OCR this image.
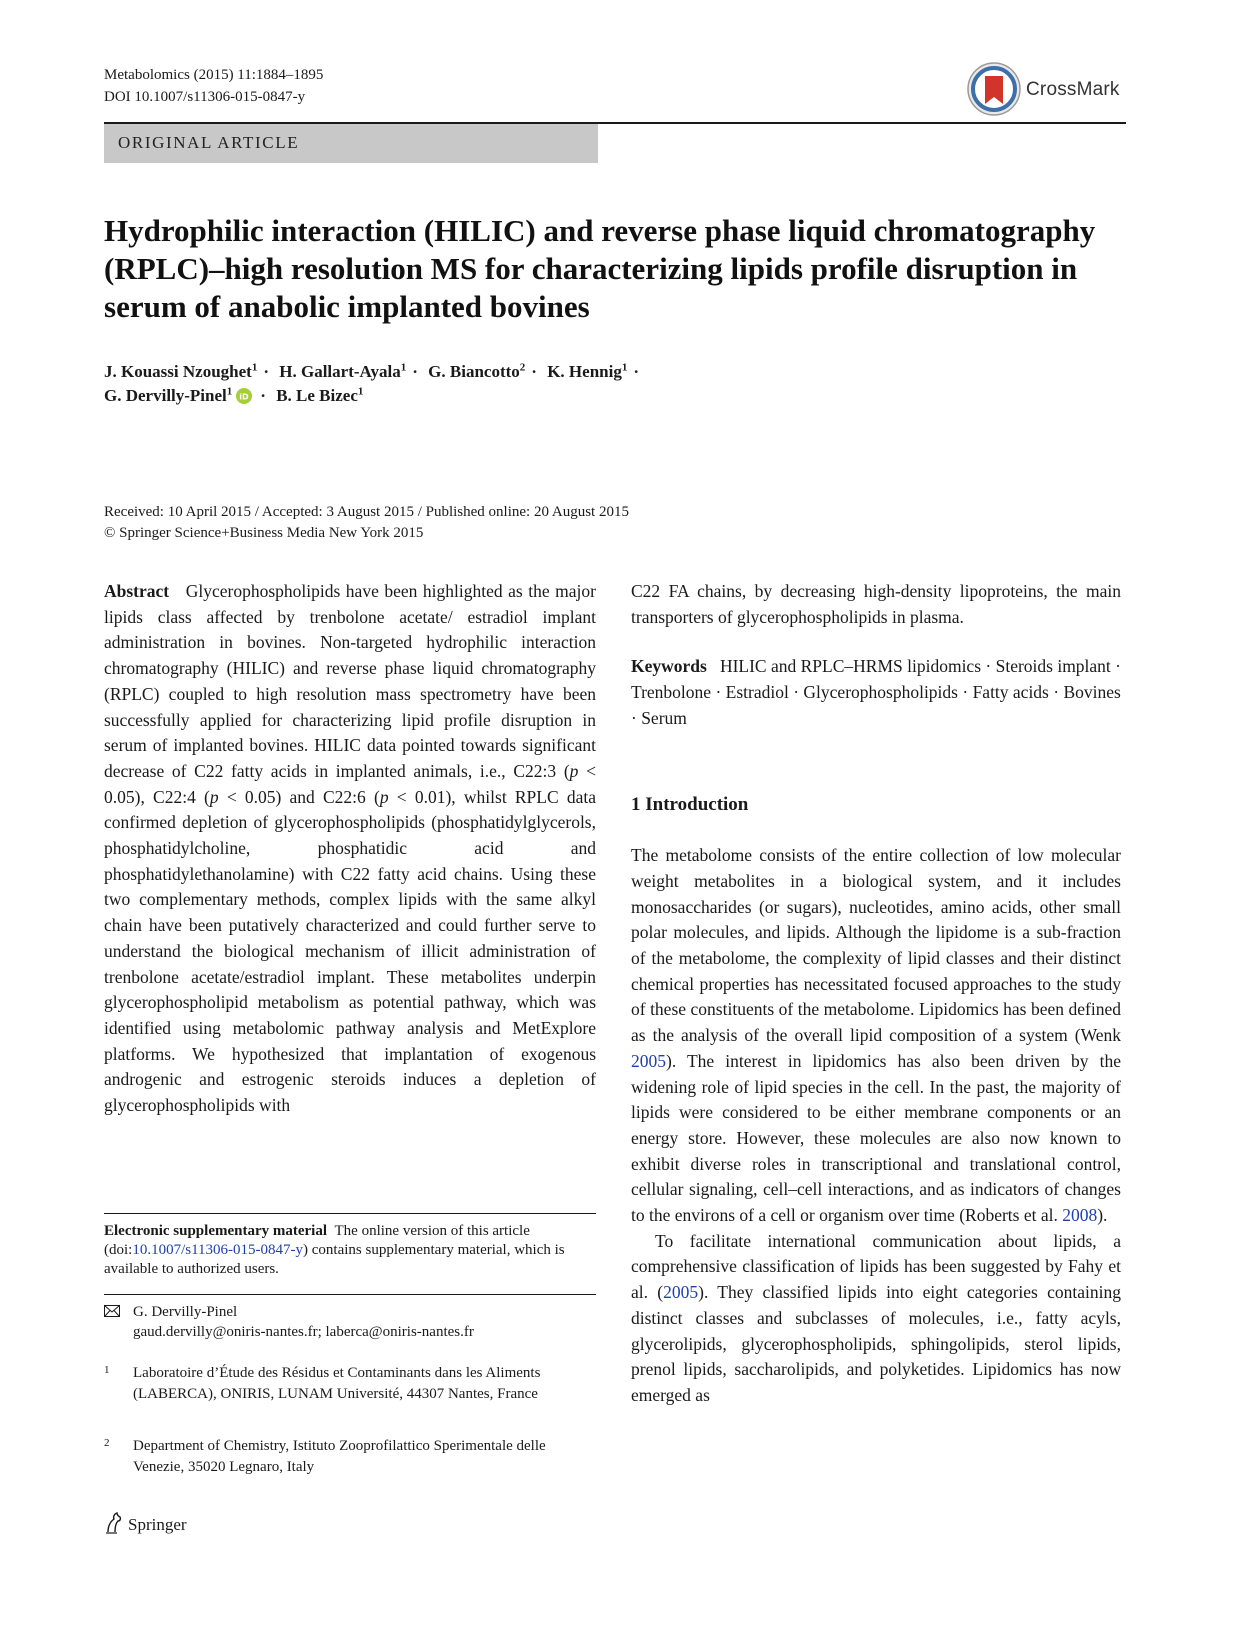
Metabolomics (2015) 11:1884–1895
DOI 10.1007/s11306-015-0847-y	CrossMark
ORIGINAL ARTICLE
Hydrophilic interaction (HILIC) and reverse phase liquid chromatography (RPLC)–high resolution MS for characterizing lipids profile disruption in serum of anabolic implanted bovines
J. Kouassi Nzoughet$^1$ · H. Gallart-Ayala$^1$ · G. Biancotto$^2$ · K. Hennig$^1$ ·
G. Dervilly-Pinel$^1$ iD · B. Le Bizec$^1$
Received: 10 April 2015 / Accepted: 3 August 2015 / Published online: 20 August 2015
© Springer Science+Business Media New York 2015
Abstract Glycerophospholipids have been highlighted as the major lipids class affected by trenbolone acetate/ estradiol implant administration in bovines. Non-targeted hydrophilic interaction chromatography (HILIC) and reverse phase liquid chromatography (RPLC) coupled to high resolution mass spectrometry have been successfully applied for characterizing lipid profile disruption in serum of implanted bovines. HILIC data pointed towards significant decrease of C22 fatty acids in implanted animals, i.e., C22:3 (p < 0.05), C22:4 (p < 0.05) and C22:6 (p < 0.01), whilst RPLC data confirmed depletion of glycerophospholipids (phosphatidylglycerols, phosphatidylcholine, phosphatidic acid and phosphatidylethanolamine) with C22 fatty acid chains. Using these two complementary methods, complex lipids with the same alkyl chain have been putatively characterized and could further serve to understand the biological mechanism of illicit administration of trenbolone acetate/estradiol implant. These metabolites underpin glycerophospholipid metabolism as potential pathway, which was identified using metabolomic pathway analysis and MetExplore platforms. We hypothesized that implantation of exogenous androgenic and estrogenic steroids induces a depletion of glycerophospholipids with
Electronic supplementary material The online version of this article (doi:10.1007/s11306-015-0847-y) contains supplementary material, which is available to authorized users.
G. Dervilly-Pinel
gaud.dervilly@oniris-nantes.fr; laberca@oniris-nantes.fr
1 Laboratoire d’Étude des Résidus et Contaminants dans les Aliments (LABERCA), ONIRIS, LUNAM Université, 44307 Nantes, France
2 Department of Chemistry, Istituto Zooprofilattico Sperimentale delle Venezie, 35020 Legnaro, Italy
C22 FA chains, by decreasing high-density lipoproteins, the main transporters of glycerophospholipids in plasma.
Keywords HILIC and RPLC–HRMS lipidomics · Steroids implant · Trenbolone · Estradiol · Glycerophospholipids · Fatty acids · Bovines · Serum
1 Introduction
The metabolome consists of the entire collection of low molecular weight metabolites in a biological system, and it includes monosaccharides (or sugars), nucleotides, amino acids, other small polar molecules, and lipids. Although the lipidome is a sub-fraction of the metabolome, the complexity of lipid classes and their distinct chemical properties has necessitated focused approaches to the study of these constituents of the metabolome. Lipidomics has been defined as the analysis of the overall lipid composition of a system (Wenk 2005). The interest in lipidomics has also been driven by the widening role of lipid species in the cell. In the past, the majority of lipids were considered to be either membrane components or an energy store. However, these molecules are also now known to exhibit diverse roles in transcriptional and translational control, cellular signaling, cell–cell interactions, and as indicators of changes to the environs of a cell or organism over time (Roberts et al. 2008).
To facilitate international communication about lipids, a comprehensive classification of lipids has been suggested by Fahy et al. (2005). They classified lipids into eight categories containing distinct classes and subclasses of molecules, i.e., fatty acyls, glycerolipids, glycerophospholipids, sphingolipids, sterol lipids, prenol lipids, saccharolipids, and polyketides. Lipidomics has now emerged as
Springer
